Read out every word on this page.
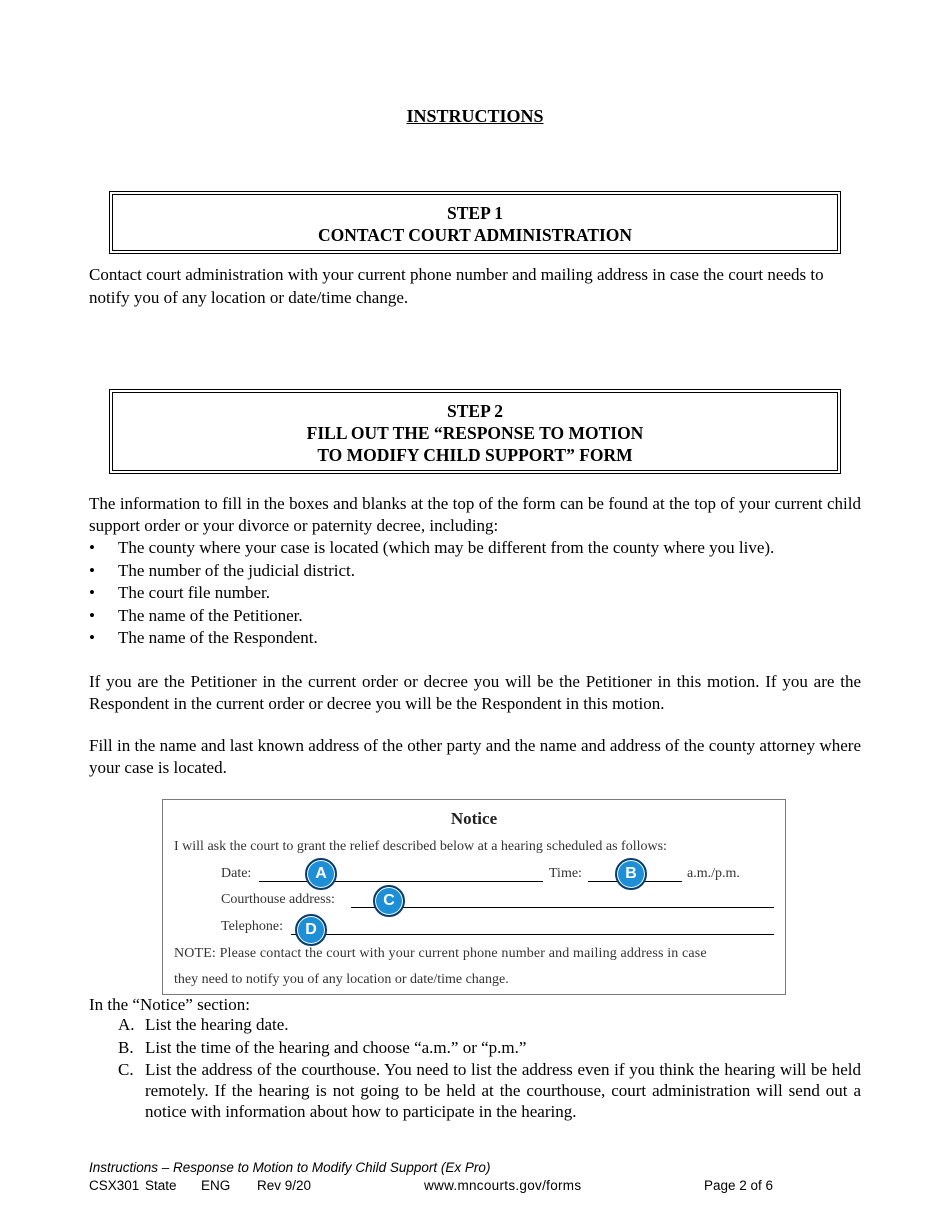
INSTRUCTIONS
STEP 1
CONTACT COURT ADMINISTRATION
Contact court administration with your current phone number and mailing address in case the court needs to notify you of any location or date/time change.
STEP 2
FILL OUT THE “RESPONSE TO MOTION
TO MODIFY CHILD SUPPORT” FORM
The information to fill in the boxes and blanks at the top of the form can be found at the top of your current child support order or your divorce or paternity decree, including:
• The county where your case is located (which may be different from the county where you live).
• The number of the judicial district.
• The court file number.
• The name of the Petitioner.
• The name of the Respondent.
If you are the Petitioner in the current order or decree you will be the Petitioner in this motion. If you are the Respondent in the current order or decree you will be the Respondent in this motion.
Fill in the name and last known address of the other party and the name and address of the county attorney where your case is located.
Notice
I will ask the court to grant the relief described below at a hearing scheduled as follows:
Date:	Time:	a.m./p.m.
Courthouse address:
Telephone:
NOTE: Please contact the court with your current phone number and mailing address in case
they need to notify you of any location or date/time change.
A	B
C
D
In the “Notice” section:
A. List the hearing date.
B. List the time of the hearing and choose “a.m.” or “p.m.”
C. List the address of the courthouse. You need to list the address even if you think the hearing will be held remotely. If the hearing is not going to be held at the courthouse, court administration will send out a notice with information about how to participate in the hearing.
Instructions – Response to Motion to Modify Child Support (Ex Pro)
CSX301 State ENG Rev 9/20	www.mncourts.gov/forms	Page 2 of 6
